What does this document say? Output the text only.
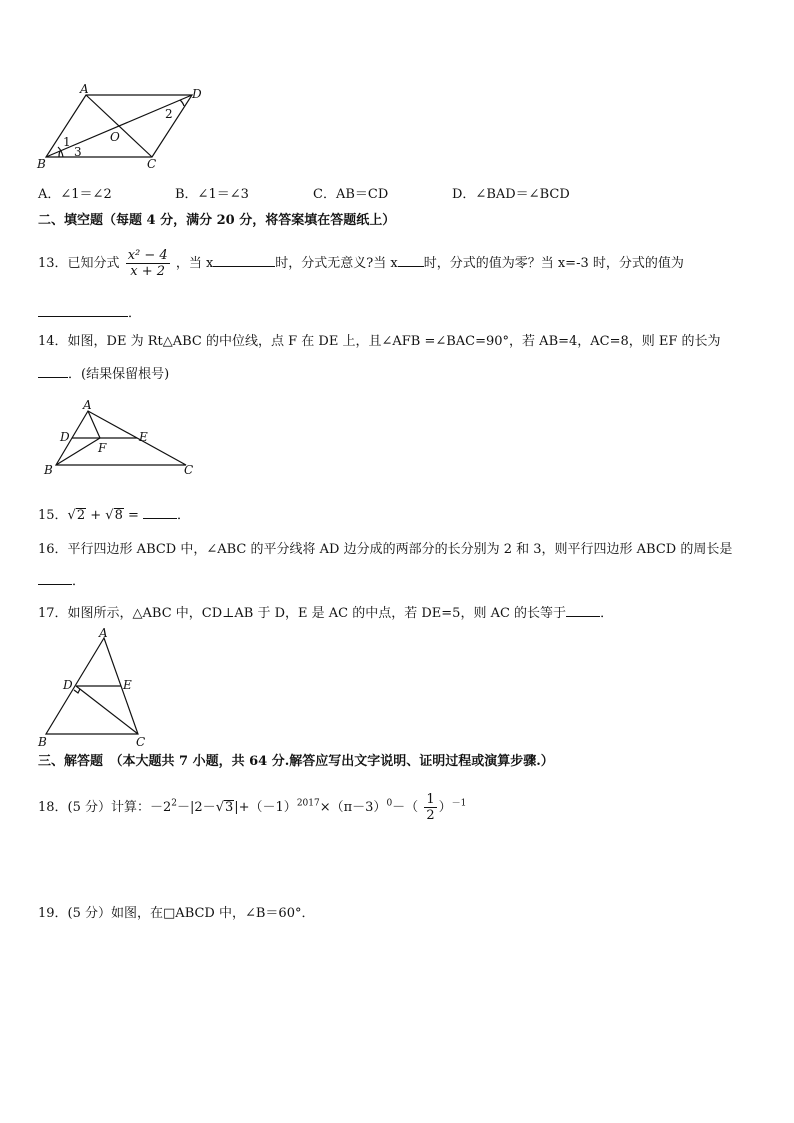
A	D
B	C
O
1
2
3
A．∠1＝∠2	B．∠1＝∠3	C．AB＝CD	D．∠BAD＝∠BCD
二、填空题（每题 4 分，满分 20 分，将答案填在答题纸上）
13．已知分式 $\frac{\text{x² − 4}}{x + 2}$ ，当 x	时，分式无意义?当 x 时，分式的值为零？当 x=-3 时，分式的值为
．
14．如图，DE 为 Rt△ABC 的中位线，点 F 在 DE 上，且∠AFB =∠BAC=90°，若 AB=4，AC=8，则 EF 的长为
．(结果保留根号)
A
D	E
F
B	C
15．√2 + √8 =	．
16．平行四边形 ABCD 中，∠ABC 的平分线将 AD 边分成的两部分的长分别为 2 和 3，则平行四边形 ABCD 的周长是
．
17．如图所示，△ABC 中，CD⊥AB 于 D，E 是 AC 的中点，若 DE=5，则 AC 的长等于	．
A
D	E
B	C
三、解答题　（本大题共 7 小题，共 64 分.解答应写出文字说明、证明过程或演算步骤.）
18．(5 分）计算：$-2^2-|2-√3|+(-1)^{2017}\times(\pi-3)^0-( \frac{1}{2} )^{-1}$
19．(5 分）如图，在□ABCD 中，∠B＝60°．
